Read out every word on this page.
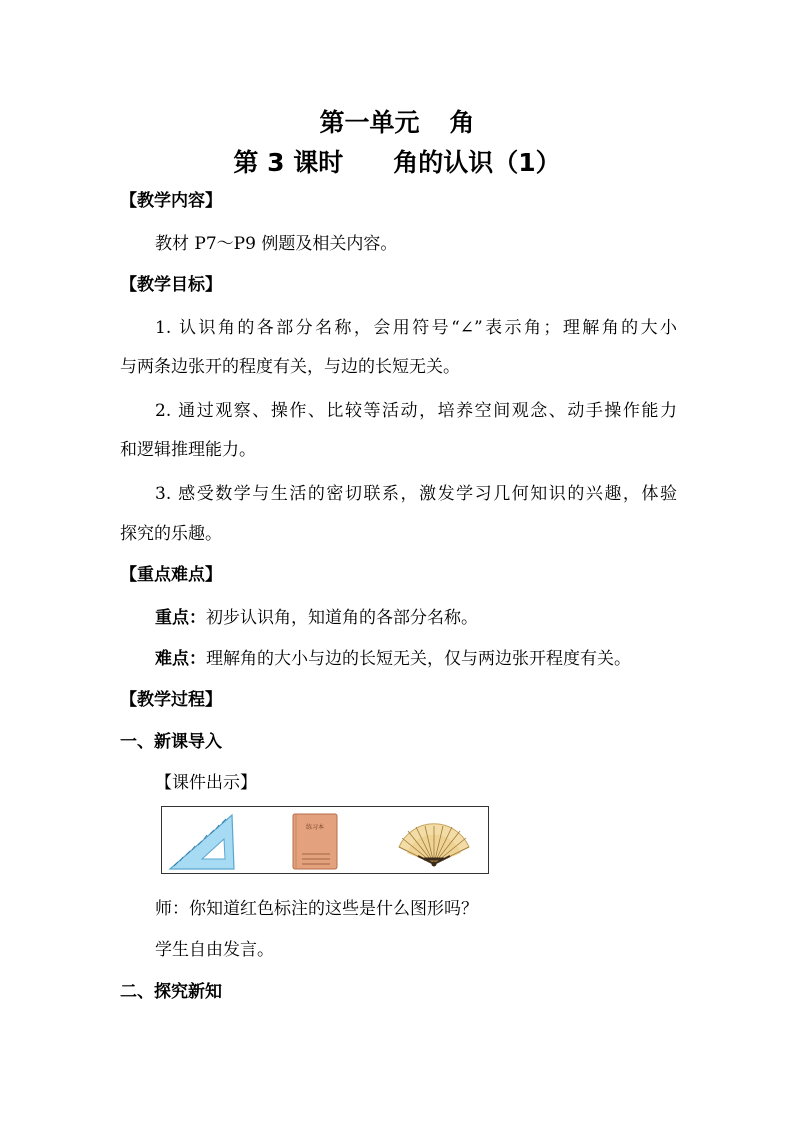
第一单元 角
第 3 课时 角的认识（1）
【教学内容】
教材 P7～P9 例题及相关内容。
【教学目标】
1. 认识角的各部分名称，会用符号“∠”表示角；理解角的大小
与两条边张开的程度有关，与边的长短无关。
2. 通过观察、操作、比较等活动，培养空间观念、动手操作能力
和逻辑推理能力。
3. 感受数学与生活的密切联系，激发学习几何知识的兴趣，体验
探究的乐趣。
【重点难点】
重点：初步认识角，知道角的各部分名称。
难点：理解角的大小与边的长短无关，仅与两边张开程度有关。
【教学过程】
一、新课导入
【课件出示】
练习本
师：你知道红色标注的这些是什么图形吗？
学生自由发言。
二、探究新知
